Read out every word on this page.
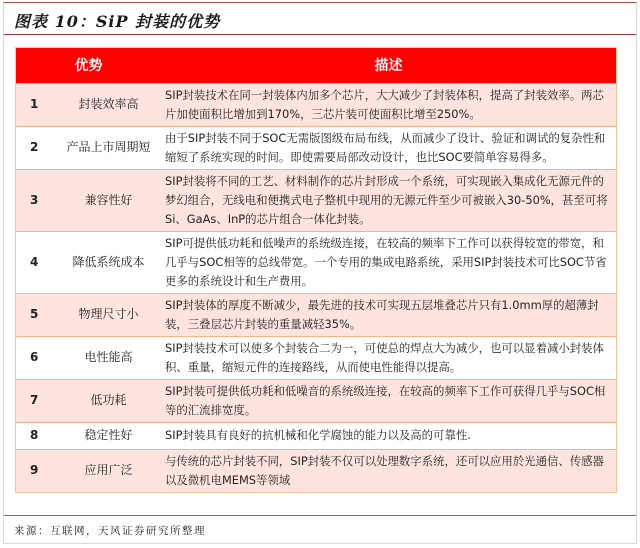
图表 10：SiP 封装的优势
优势		描述
1	封装效率高	SIP封装技术在同一封装体内加多个芯片，大大减少了封装体积，提高了封装效率。两芯片加使面积比增加到170%，三芯片装可使面积比增至250%。
2	产品上市周期短	由于SIP封装不同于SOC无需版图级布局布线，从而减少了设计、验证和调试的复杂性和缩短了系统实现的时间。即使需要局部改动设计，也比SOC要简单容易得多。
3	兼容性好	SIP封装将不同的工艺、材料制作的芯片封形成一个系统，可实现嵌入集成化无源元件的梦幻组合，无线电和便携式电子整机中现用的无源元件至少可被嵌入30-50%，甚至可将Si、GaAs、InP的芯片组合一体化封装。
4	降低系统成本	SIP可提供低功耗和低噪声的系统级连接，在较高的频率下工作可以获得较宽的带宽，和几乎与SOC相等的总线带宽。一个专用的集成电路系统，采用SIP封装技术可比SOC节省更多的系统设计和生产费用。
5	物理尺寸小	SIP封装体的厚度不断减少，最先进的技术可实现五层堆叠芯片只有1.0mm厚的超薄封装，三叠层芯片封装的重量减轻35%。
6	电性能高	SIP封装技术可以使多个封装合二为一，可使总的焊点大为减少，也可以显着减小封装体积、重量，缩短元件的连接路线，从而使电性能得以提高。
7	低功耗	SIP封装可提供低功耗和低噪音的系统级连接，在较高的频率下工作可获得几乎与SOC相等的汇流排宽度。
8	稳定性好	SIP封装具有良好的抗机械和化学腐蚀的能力以及高的可靠性.
9	应用广泛	与传统的芯片封装不同，SIP封装不仅可以处理数字系统，还可以应用於光通信、传感器以及微机电MEMS等领域
来源：互联网，天风证券研究所整理
